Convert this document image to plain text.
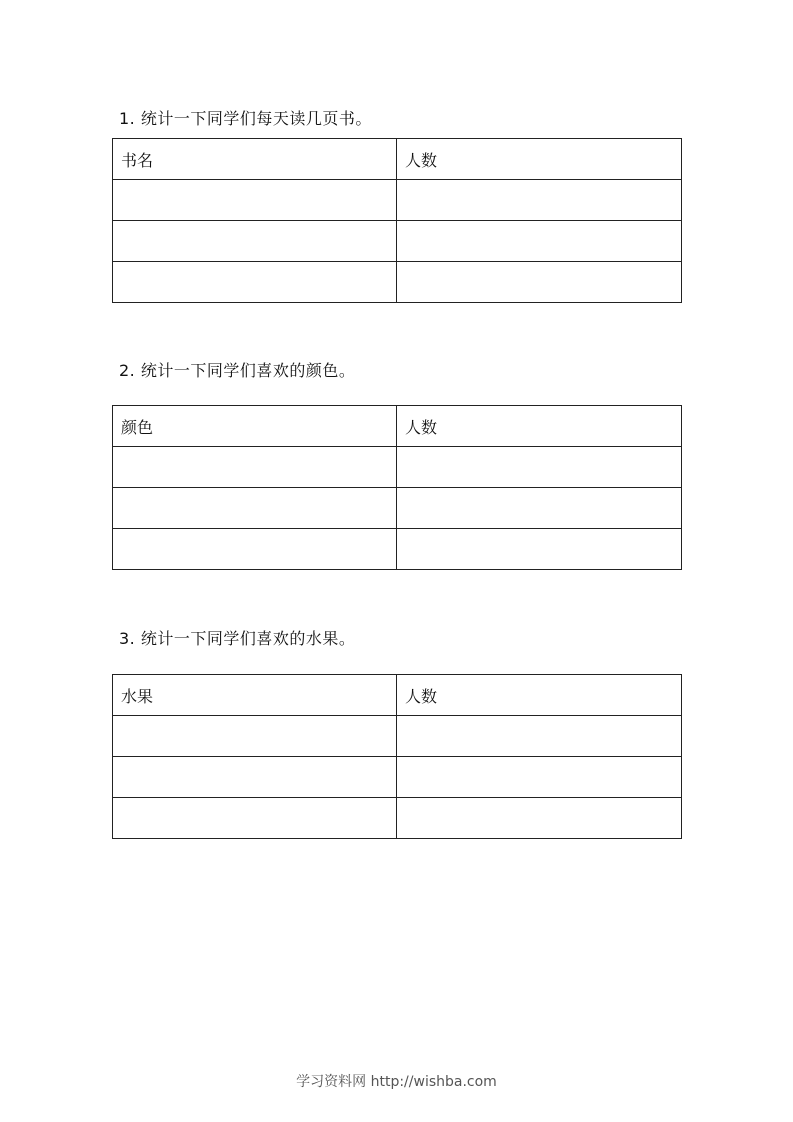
1. 统计一下同学们每天读几页书。
书名	人数

2. 统计一下同学们喜欢的颜色。
颜色	人数

3. 统计一下同学们喜欢的水果。
水果	人数

学习资料网 http://wishba.com
